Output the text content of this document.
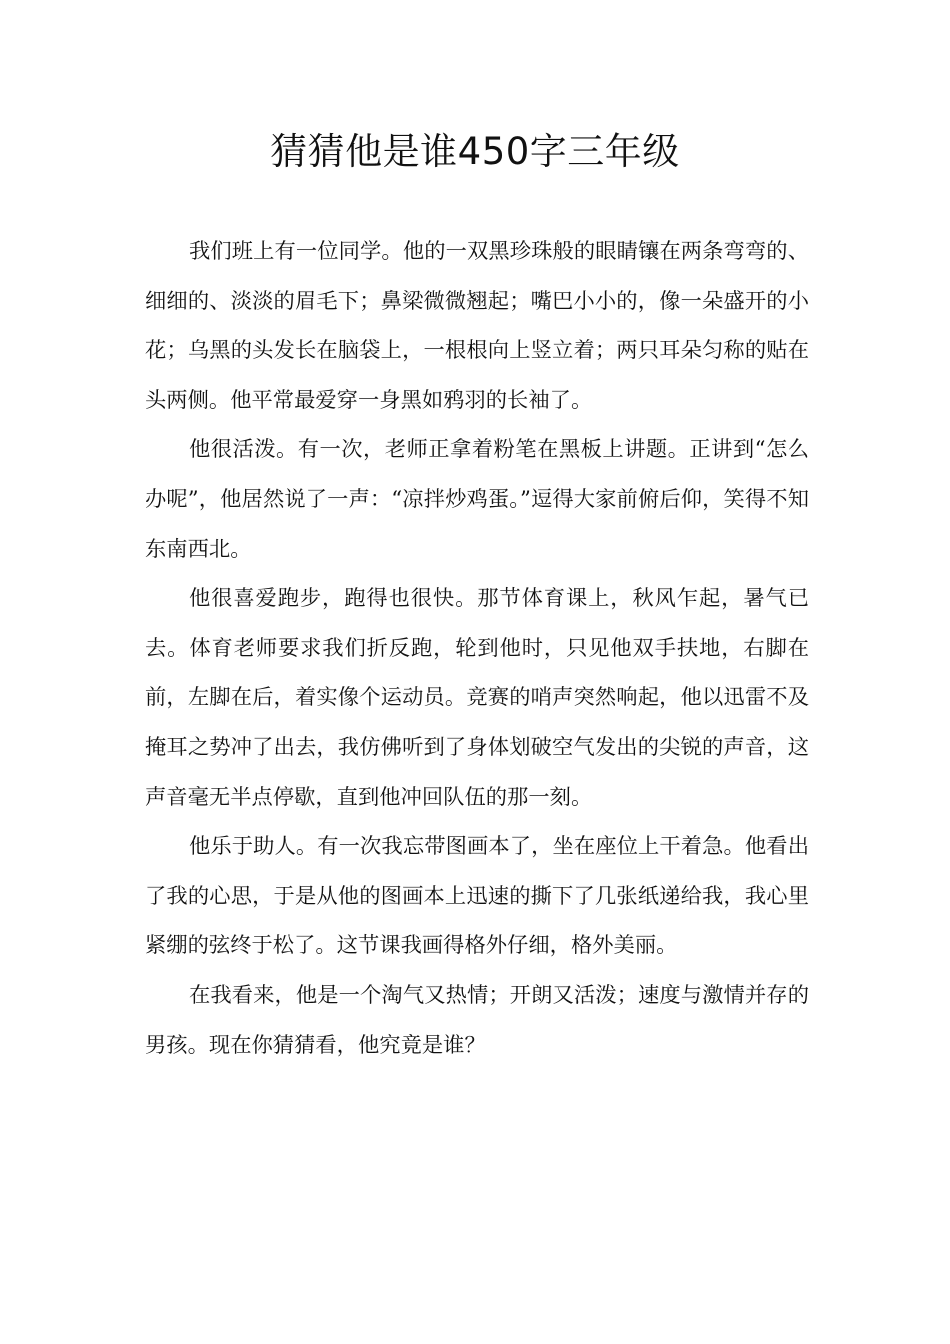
猜猜他是谁450字三年级

我们班上有一位同学。他的一双黑珍珠般的眼睛镶在两条弯弯的、细细的、淡淡的眉毛下；鼻梁微微翘起；嘴巴小小的，像一朵盛开的小花；乌黑的头发长在脑袋上，一根根向上竖立着；两只耳朵匀称的贴在头两侧。他平常最爱穿一身黑如鸦羽的长袖了。

他很活泼。有一次，老师正拿着粉笔在黑板上讲题。正讲到“怎么办呢”，他居然说了一声：“凉拌炒鸡蛋。”逗得大家前俯后仰，笑得不知东南西北。

他很喜爱跑步，跑得也很快。那节体育课上，秋风乍起，暑气已去。体育老师要求我们折反跑，轮到他时，只见他双手扶地，右脚在前，左脚在后，着实像个运动员。竞赛的哨声突然响起，他以迅雷不及掩耳之势冲了出去，我仿佛听到了身体划破空气发出的尖锐的声音，这声音毫无半点停歇，直到他冲回队伍的那一刻。

他乐于助人。有一次我忘带图画本了，坐在座位上干着急。他看出了我的心思，于是从他的图画本上迅速的撕下了几张纸递给我，我心里紧绷的弦终于松了。这节课我画得格外仔细，格外美丽。

在我看来，他是一个淘气又热情；开朗又活泼；速度与激情并存的男孩。现在你猜猜看，他究竟是谁？
